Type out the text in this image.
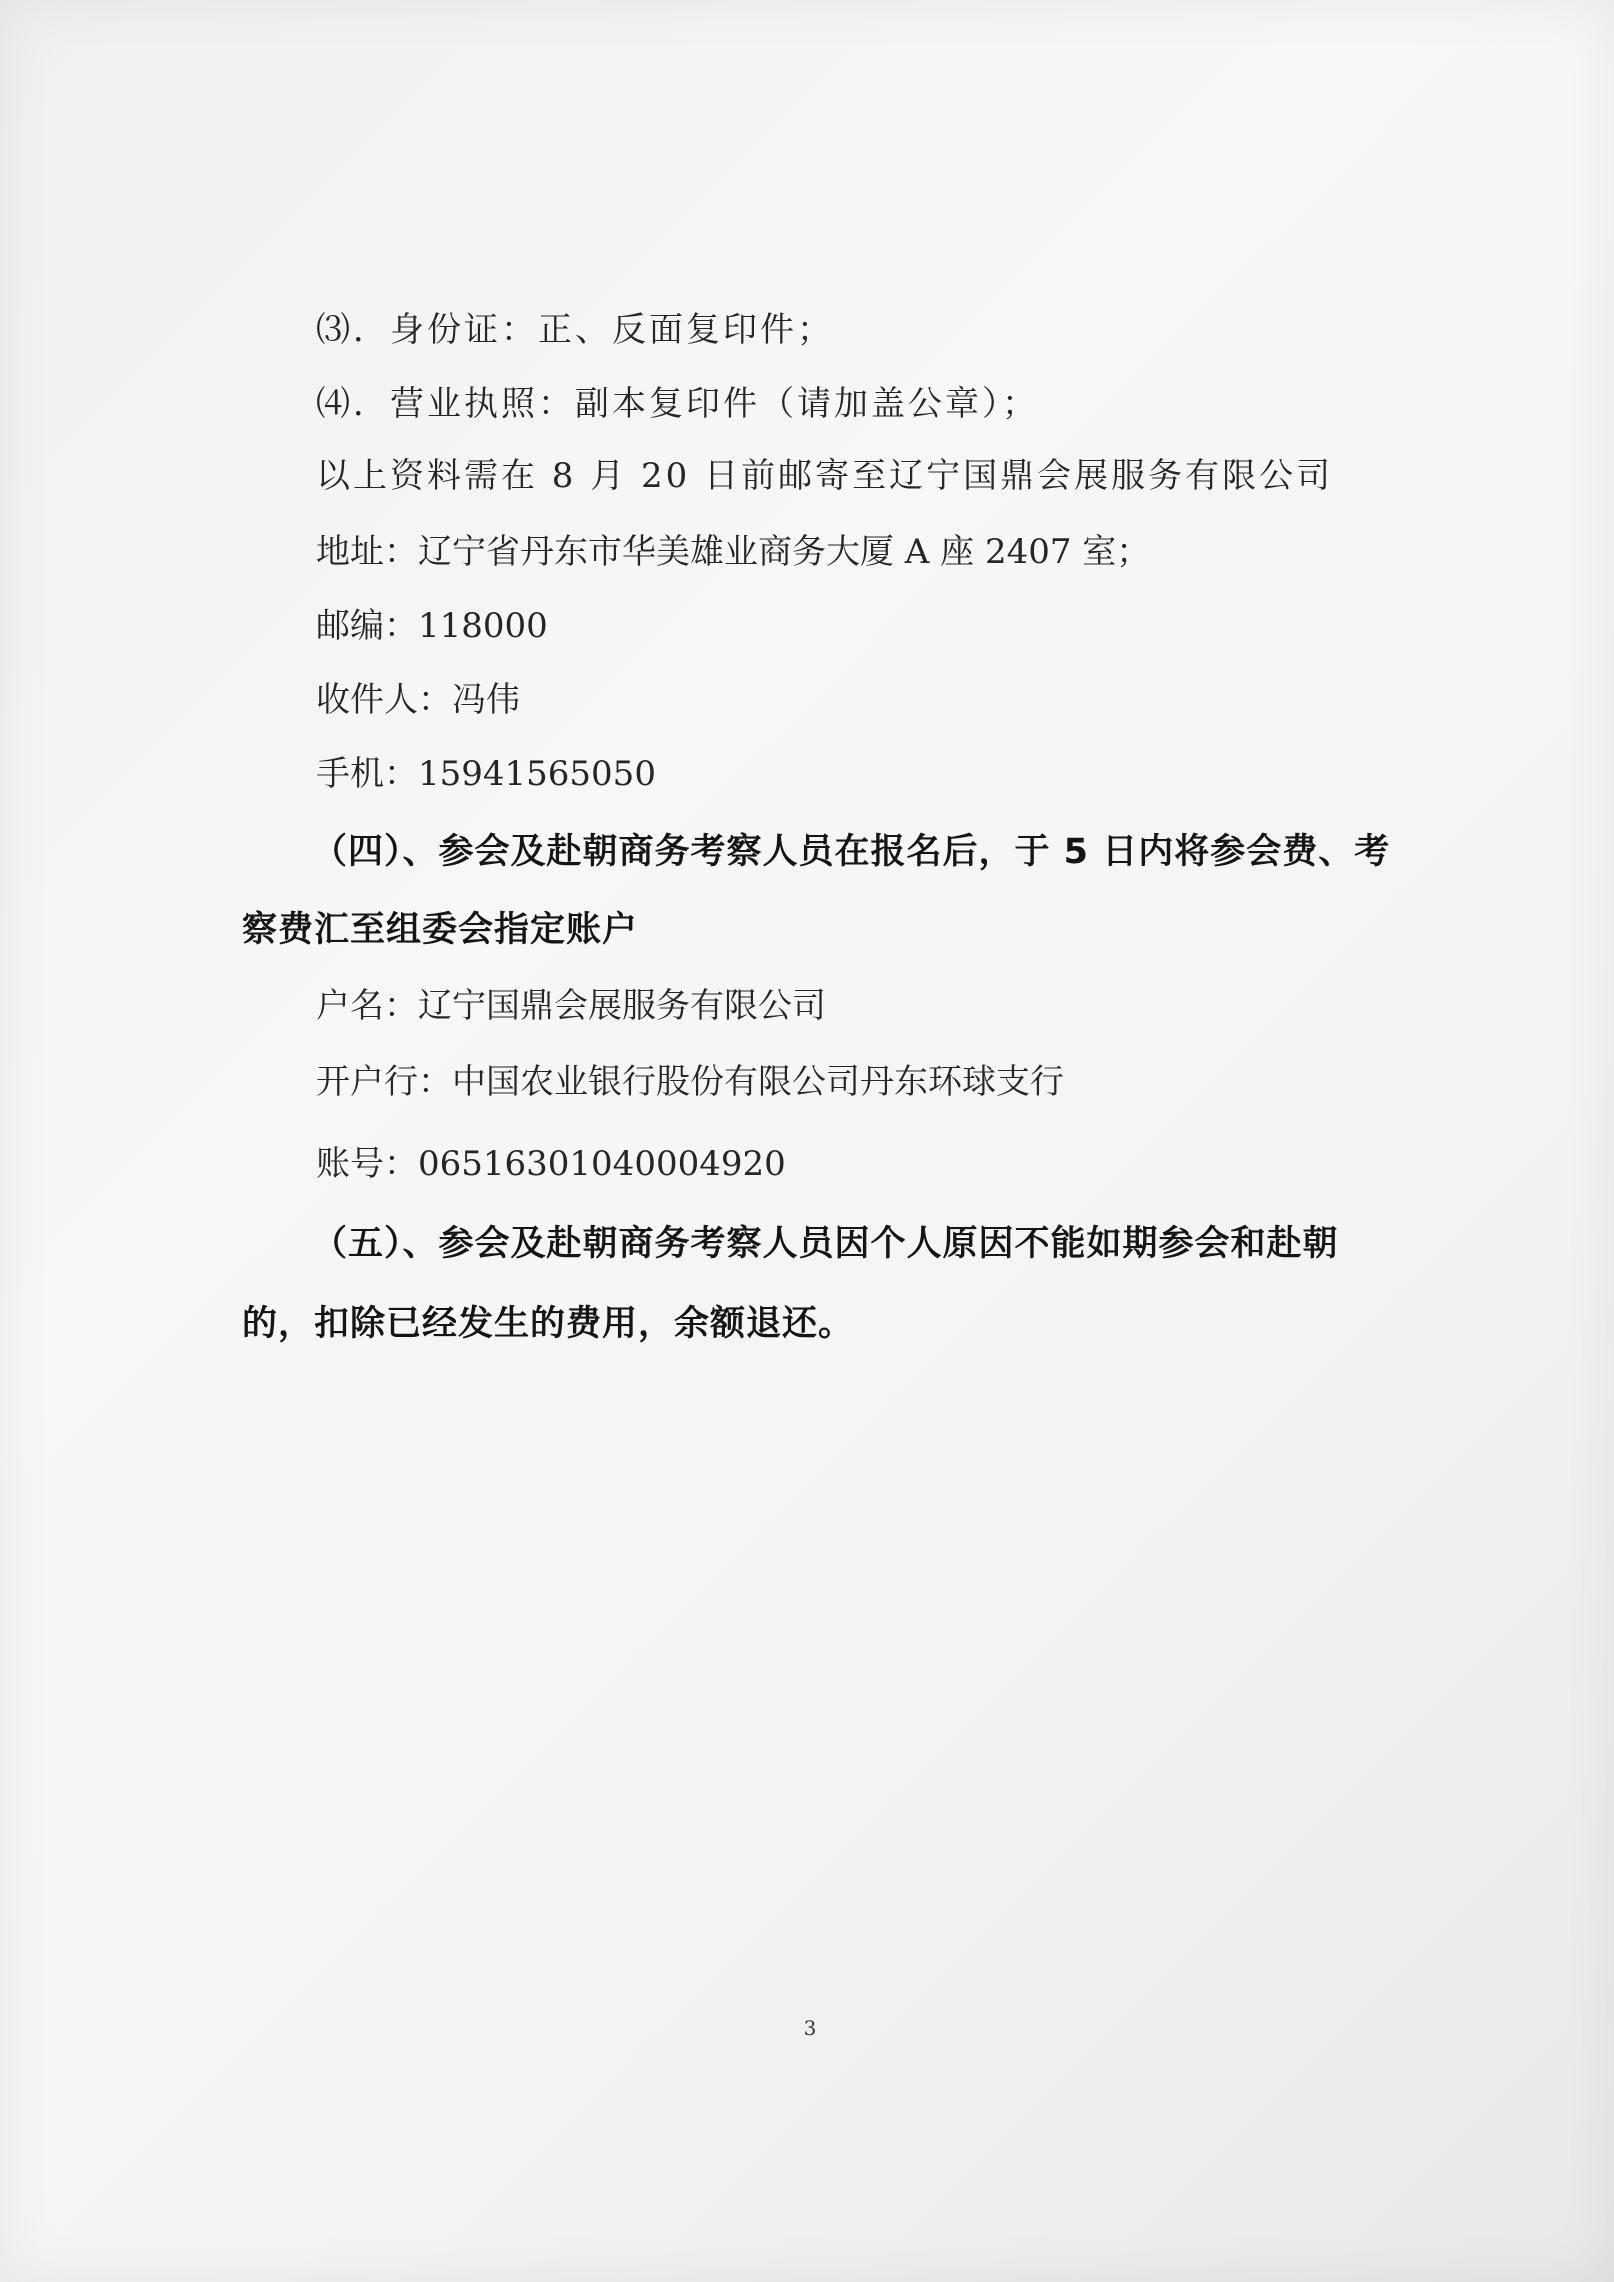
⑶．身份证：正、反面复印件；
⑷．营业执照：副本复印件（请加盖公章）；
以上资料需在 8 月 20 日前邮寄至辽宁国鼎会展服务有限公司
地址：辽宁省丹东市华美雄业商务大厦 A 座 2407 室；
邮编：118000
收件人：冯伟
手机：15941565050
（四）、参会及赴朝商务考察人员在报名后，于 5 日内将参会费、考
察费汇至组委会指定账户
户名：辽宁国鼎会展服务有限公司
开户行：中国农业银行股份有限公司丹东环球支行
账号：06516301040004920
（五）、参会及赴朝商务考察人员因个人原因不能如期参会和赴朝
的，扣除已经发生的费用，余额退还。
3
